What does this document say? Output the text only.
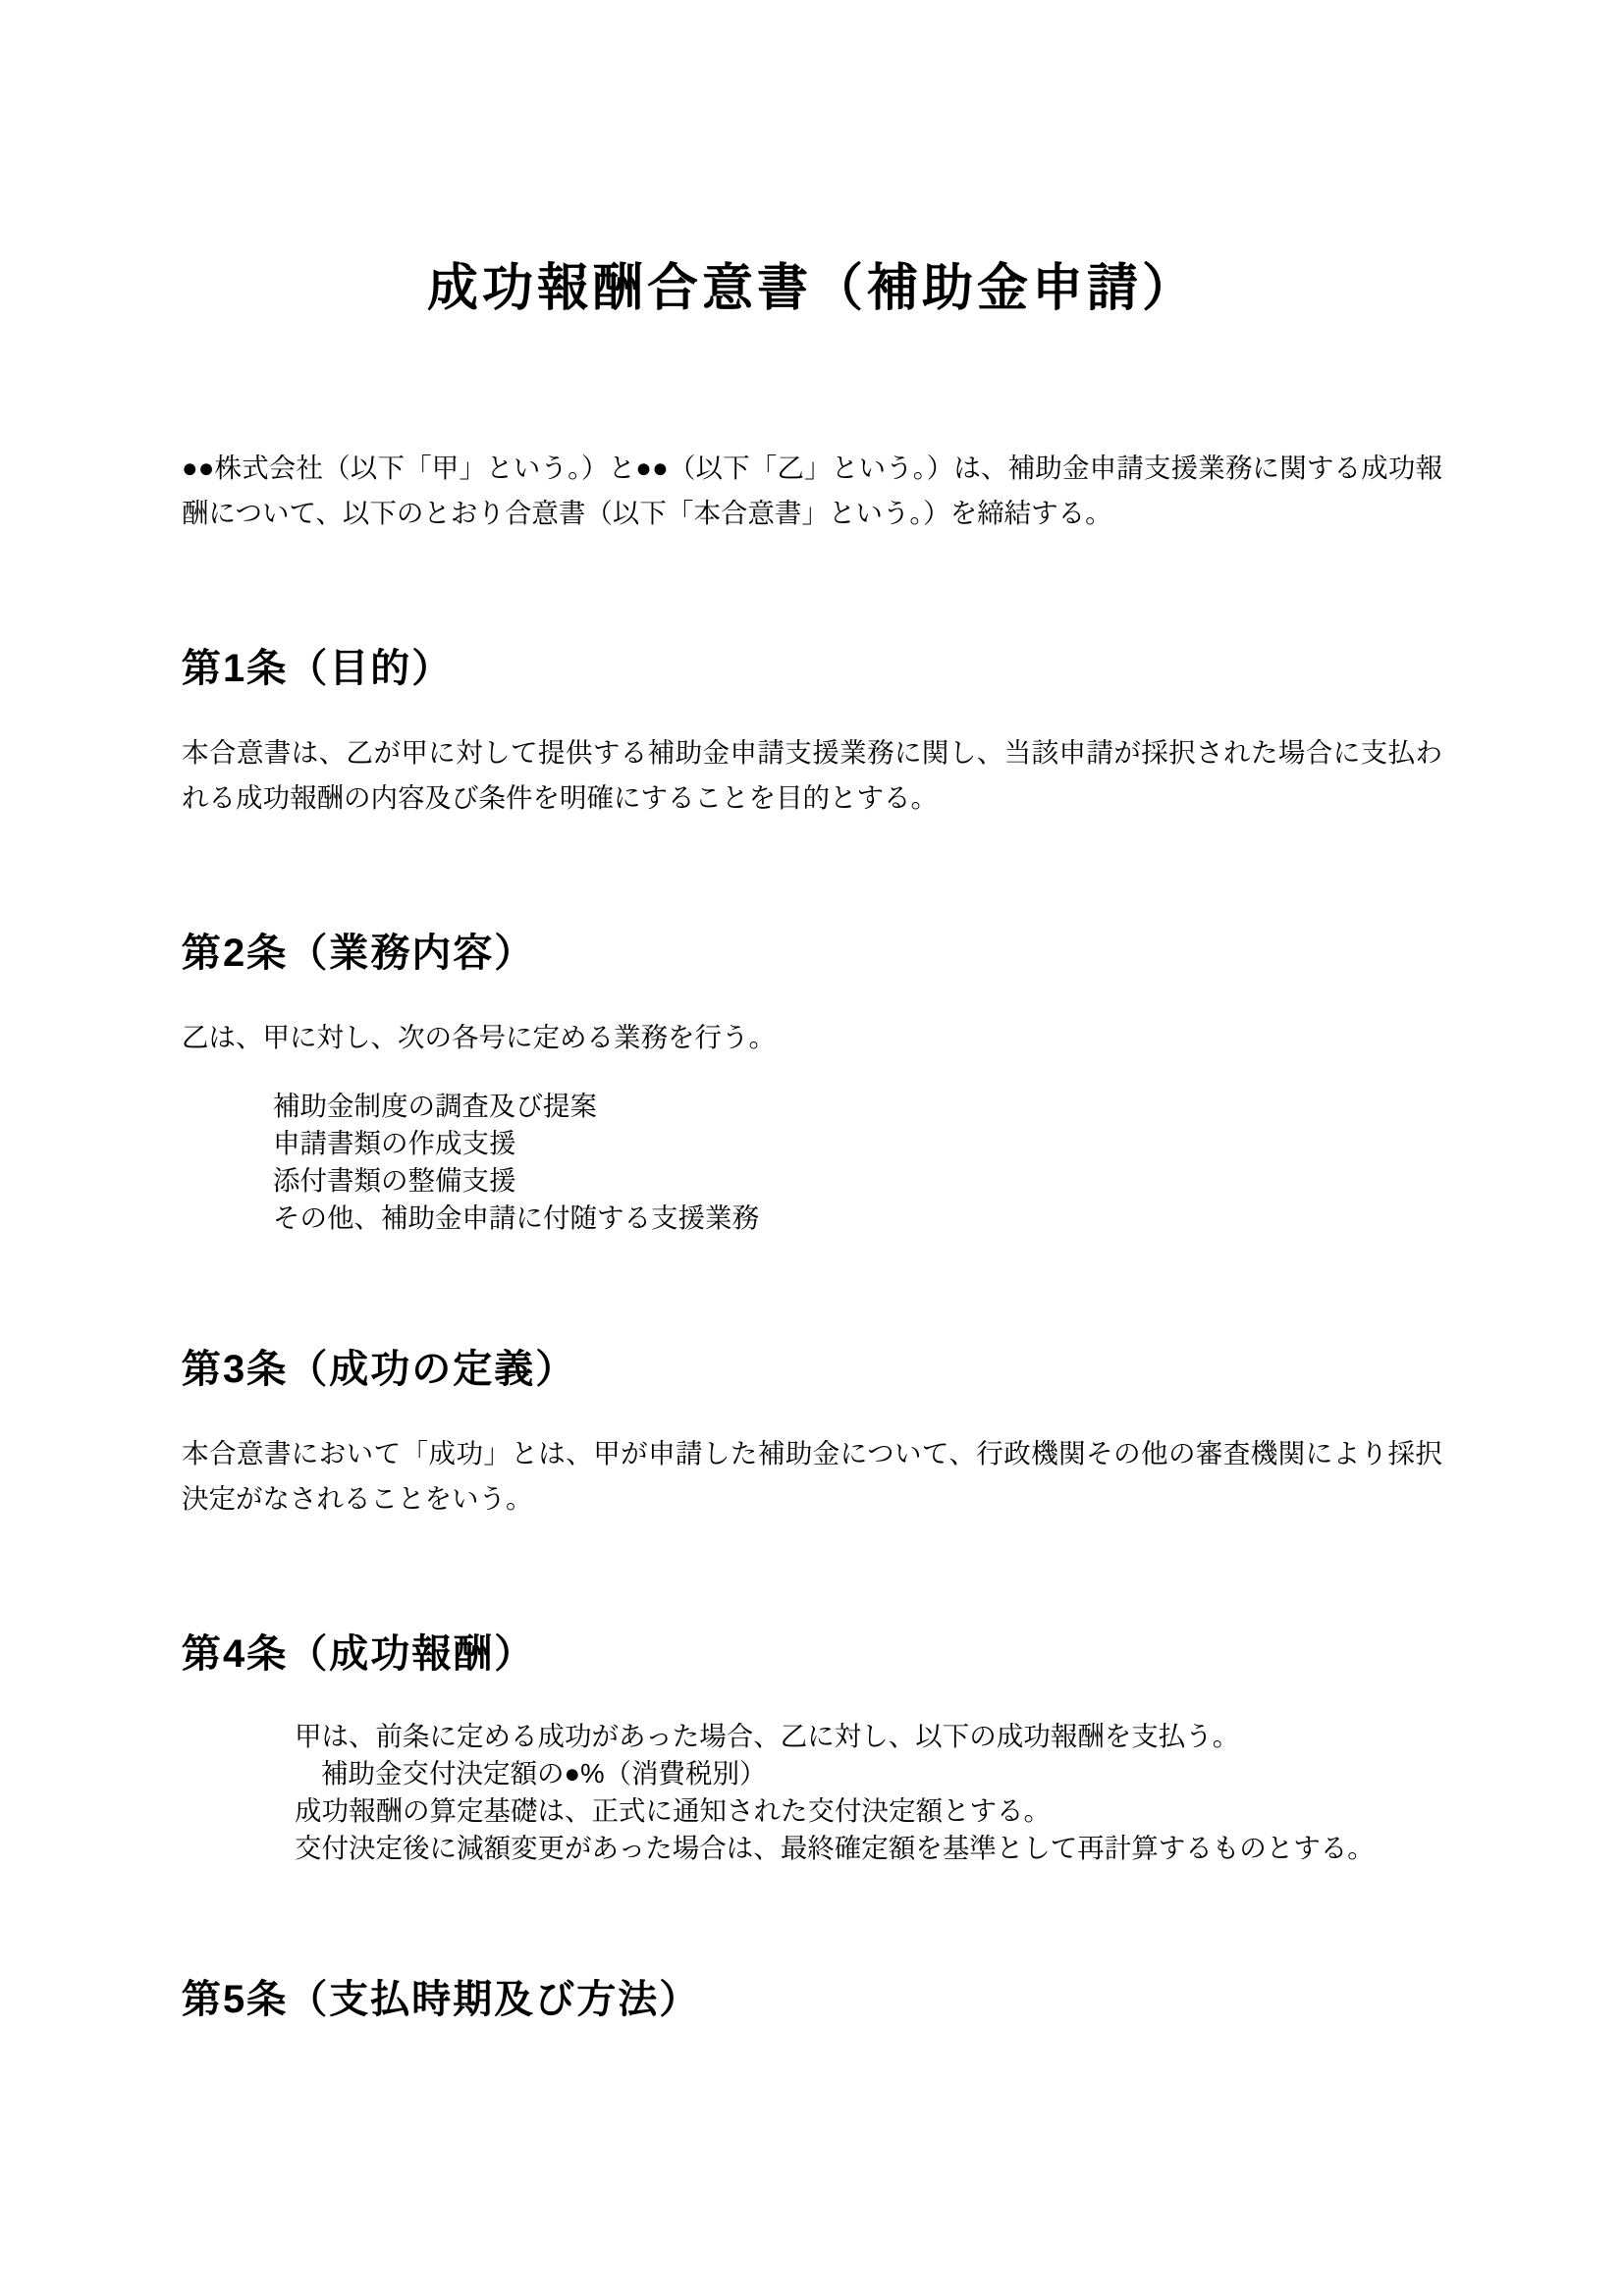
成功報酬合意書（補助金申請）

●●株式会社（以下「甲」という。）と●●（以下「乙」という。）は、補助金申請支援業務に関する成功報酬について、以下のとおり合意書（以下「本合意書」という。）を締結する。

第1条（目的）

本合意書は、乙が甲に対して提供する補助金申請支援業務に関し、当該申請が採択された場合に支払われる成功報酬の内容及び条件を明確にすることを目的とする。

第2条（業務内容）

乙は、甲に対し、次の各号に定める業務を行う。

補助金制度の調査及び提案
申請書類の作成支援
添付書類の整備支援
その他、補助金申請に付随する支援業務
第3条（成功の定義）

本合意書において「成功」とは、甲が申請した補助金について、行政機関その他の審査機関により採択決定がなされることをいう。

第4条（成功報酬）

甲は、前条に定める成功があった場合、乙に対し、以下の成功報酬を支払う。

補助金交付決定額の●%（消費税別）

成功報酬の算定基礎は、正式に通知された交付決定額とする。

交付決定後に減額変更があった場合は、最終確定額を基準として再計算するものとする。

第5条（支払時期及び方法）
